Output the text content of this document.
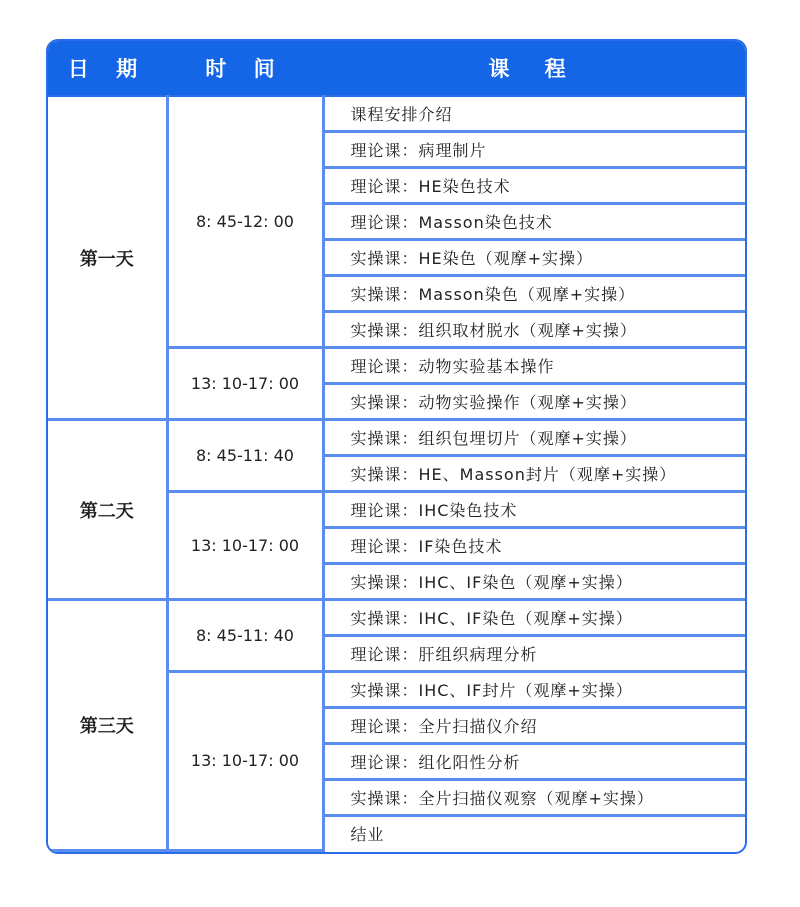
日 期	时 间	课 程
第一天	8: 45-12: 00	课程安排介绍
		理论课：病理制片
		理论课：HE染色技术
		理论课：Masson染色技术
		实操课：HE染色（观摩+实操）
		实操课：Masson染色（观摩+实操）
		实操课：组织取材脱水（观摩+实操）
	13: 10-17: 00	理论课：动物实验基本操作
		实操课：动物实验操作（观摩+实操）
第二天	8: 45-11: 40	实操课：组织包埋切片（观摩+实操）
		实操课：HE、Masson封片（观摩+实操）
	13: 10-17: 00	理论课：IHC染色技术
		理论课：IF染色技术
		实操课：IHC、IF染色（观摩+实操）
第三天	8: 45-11: 40	实操课：IHC、IF染色（观摩+实操）
		理论课：肝组织病理分析
	13: 10-17: 00	实操课：IHC、IF封片（观摩+实操）
		理论课：全片扫描仪介绍
		理论课：组化阳性分析
		实操课：全片扫描仪观察（观摩+实操）
		结业
